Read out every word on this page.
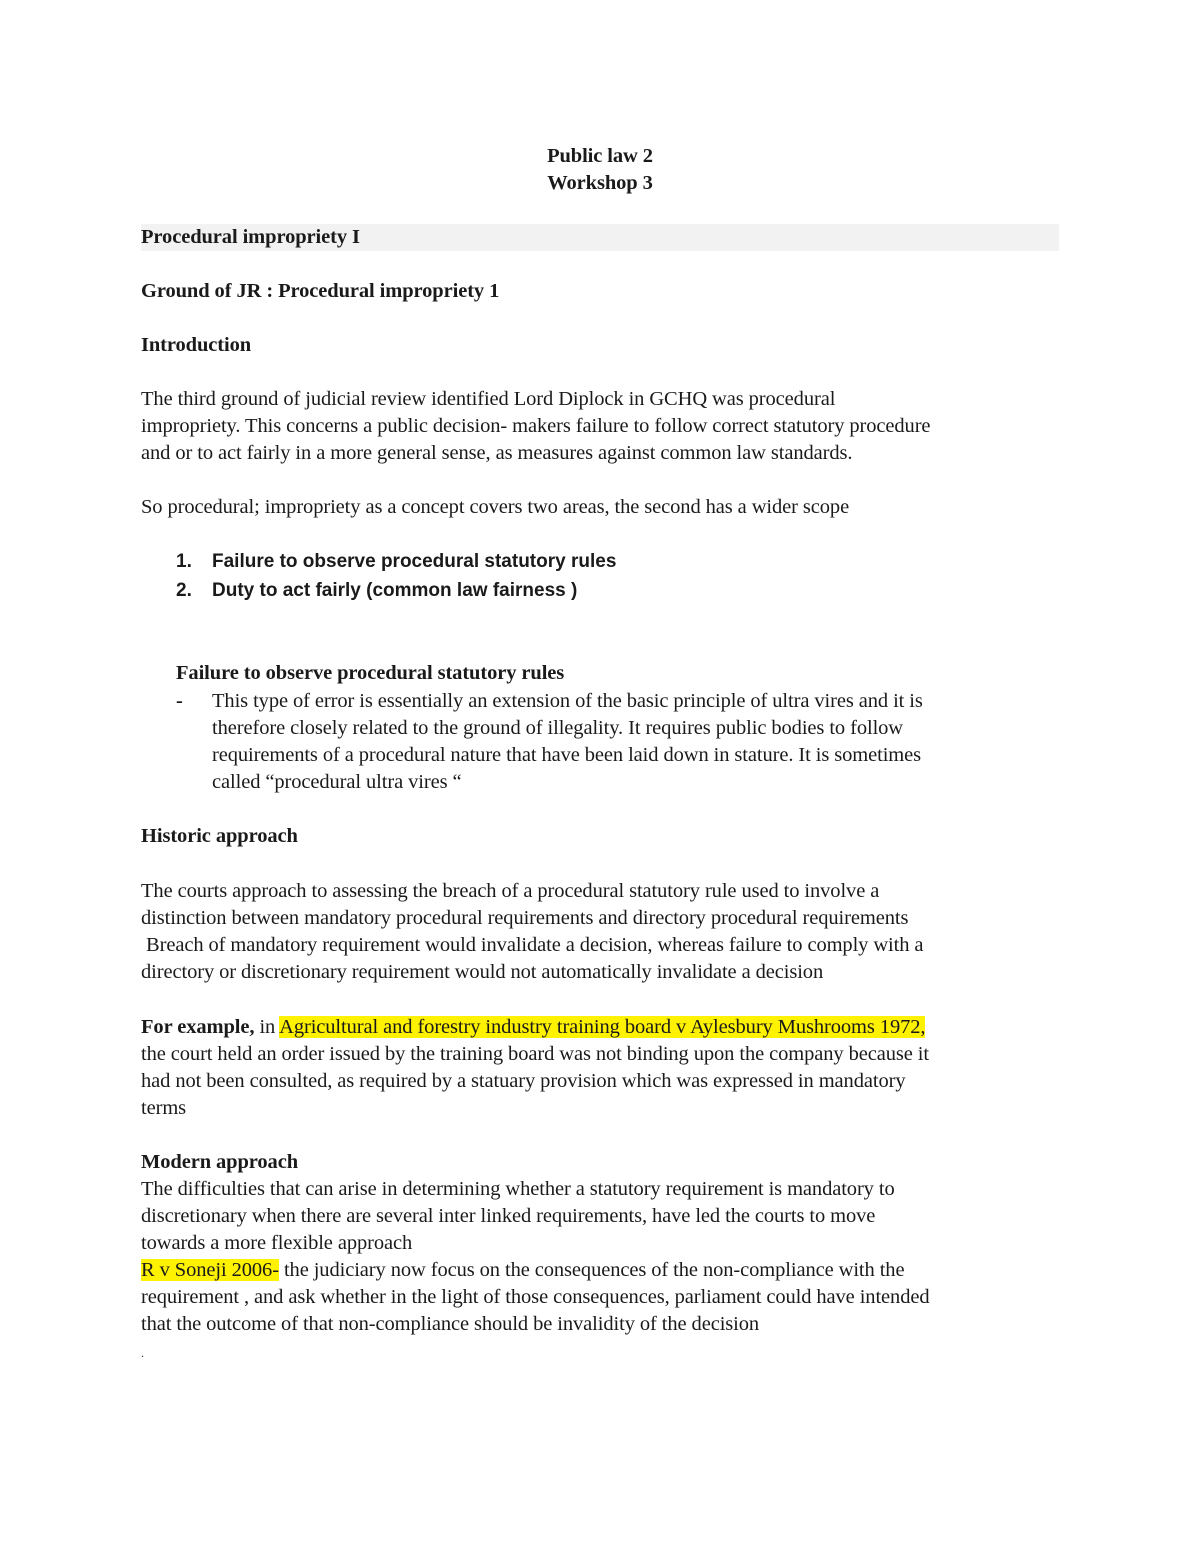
Public law 2
Workshop 3
Procedural impropriety I
Ground of JR : Procedural impropriety 1
Introduction

The third ground of judicial review identified Lord Diplock in GCHQ was procedural

impropriety. This concerns a public decision- makers failure to follow correct statutory procedure

and or to act fairly in a more general sense, as measures against common law standards.

So procedural; impropriety as a concept covers two areas, the second has a wider scope
1. Failure to observe procedural statutory rules
2. Duty to act fairly (common law fairness )
Failure to observe procedural statutory rules
- This type of error is essentially an extension of the basic principle of ultra vires and it is

therefore closely related to the ground of illegality. It requires public bodies to follow

requirements of a procedural nature that have been laid down in stature. It is sometimes

called “procedural ultra vires “

Historic approach

The courts approach to assessing the breach of a procedural statutory rule used to involve a

distinction between mandatory procedural requirements and directory procedural requirements

Breach of mandatory requirement would invalidate a decision, whereas failure to comply with a

directory or discretionary requirement would not automatically invalidate a decision

For example, in Agricultural and forestry industry training board v Aylesbury Mushrooms 1972,

the court held an order issued by the training board was not binding upon the company because it

had not been consulted, as required by a statuary provision which was expressed in mandatory

terms

Modern approach

The difficulties that can arise in determining whether a statutory requirement is mandatory to

discretionary when there are several inter linked requirements, have led the courts to move

towards a more flexible approach

R v Soneji 2006- the judiciary now focus on the consequences of the non-compliance with the

requirement , and ask whether in the light of those consequences, parliament could have intended

that the outcome of that non-compliance should be invalidity of the decision

.
